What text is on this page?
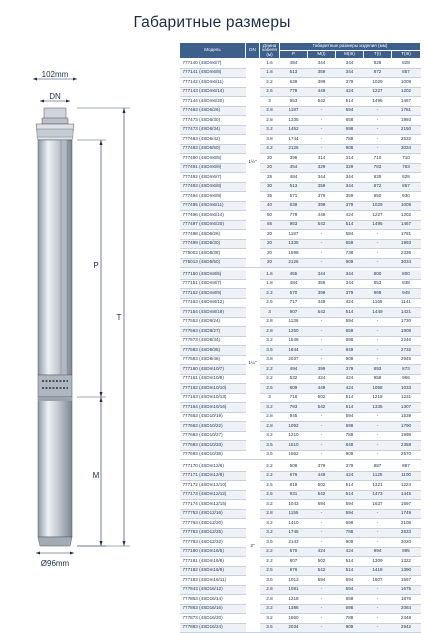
Габаритные размеры
102mm
DN
P
T
M
Ø96mm
Модель	DN	Длина кабеля (м)	Габаритные размеры изделия (мм)				
			P	M(I)	M(III)	T(I)	T(III)
777140 (4SDm6/7)	1½"	1.6	484	344	344	828	828
777141 (4SDm6/8)		1.8	513	359	344	872	857
777142 (4SDm6/11)		2.2	639	399	379	1029	1009
777143 (4SDm6/14)		2.5	778	449	424	1227	1202
777144 (4SDm6/20)		3	953	542	514	1495	1467
777463 (4SD6/26)		2.8	1187	-	594	-	1781
777473 (4SD6/30)		2.8	1335	-	658	-	1993
777473 (4SD6/34)		3.2	1452	-	698	-	2150
777483 (4SD6/42)		3.8	1744	-	788	-	2532
777493 (4SD6/50)		4.2	2126	-	908	-	3034
777490 (4SDm6/5)		20	396	314	314	710	710
777491 (4SDm6/6)		20	454	329	329	783	783
777492 (4SDm6/7)		25	484	344	344	828	828
777493 (4SDm6/8)		30	513	359	344	872	857
777494 (4SDm6/9)		35	571	379	359	950	930
777495 (4SDm6/11)		40	639	399	379	1029	1009
777496 (4SDm6/14)		50	778	449	424	1227	1202
777497 (4SDm6/20)		65	953	542	514	1495	1467
777498 (4SD6/26)		20	1187	-	594	-	1781
777499 (4SD6/30)		20	1335	-	658	-	1993
775003 (4SD6/38)		20	1598	-	738	-	2336
775013 (4SD6/50)		20	2126	-	908	-	3034

777150 (4SDm8/5)	1¼"	1.6	455	344	344	800	800
777151 (4SDm8/7)		1.8	484	359	344	853	838
777152 (4SDm8/9)		2.2	570	399	379	969	949
777153 (4SDm8/12)		2.5	717	449	424	1165	1141
777154 (4SDm8/18)		3	907	542	514	1449	1421
777553 (4SD8/24)		2.8	1136	-	594	-	1730
777563 (4SD8/27)		2.8	1250	-	658	-	1908
777573 (4SD8/34)		3.2	1548	-	698	-	2246
777583 (4SD8/35)		3.5	1844	-	848	-	2732
777593 (4SD8/46)		3.8	2037	-	908	-	2945
777160 (4SDm10/7)		2.2	494	399	379	893	873
777161 (4SDm10/8)		2.2	532	424	424	956	956
777162 (4SDm10/10)		2.5	609	449	424	1058	1033
777163 (4SDm10/13)		3	716	502	514	1218	1231
777164 (4SDm10/16)		3.2	793	542	514	1335	1307
777653 (4SD10/19)		2.8	945	-	594	-	1539
777663 (4SD10/22)		2.8	1092	-	698	-	1790
777683 (4SD10/27)		3.2	1210	-	788	-	1998
777683 (4SD10/33)		3.5	1510	-	848	-	2358
777693 (4SD10/38)		3.5	1662	-	908	-	2570

777170 (4SDm12/6)	2"	2.2	508	379	379	887	887
777171 (4SDm12/8)		2.2	676	449	424	1125	1100
777172 (4SDm12/10)		2.5	819	502	514	1321	1224
777173 (4SDm12/12)		2.5	931	542	514	1473	1445
777174 (4SDm12/15)		3.2	1043	594	594	1637	1597
777753 (4SD12/16)		2.8	1155	-	594	-	1749
777763 (4SD12/20)		3.2	1410	-	698	-	2108
777763 (4SD12/25)		3.2	1745	-	788	-	2533
777783 (4SD12/32)		3.5	2143	-	908	-	3020
777180 (4SDm16/5)		2.2	570	424	424	994	995
777181 (4SDm16/8)		2.2	807	502	514	1309	1322
777182 (4SDm16/9)		2.5	876	542	514	1418	1390
777183 (4SDm16/11)		3.5	1013	594	594	1607	1567
777843 (4SD16/12)		2.8	1081	-	594	-	1675
777853 (4SD16/14)		2.8	1218	-	658	-	1876
777863 (4SD16/16)		3.2	1386	-	698	-	2084
777873 (4SD16/20)		3.2	1660	-	788	-	2448
777883 (4SD16/24)		3.5	2034	-	908	-	2942
